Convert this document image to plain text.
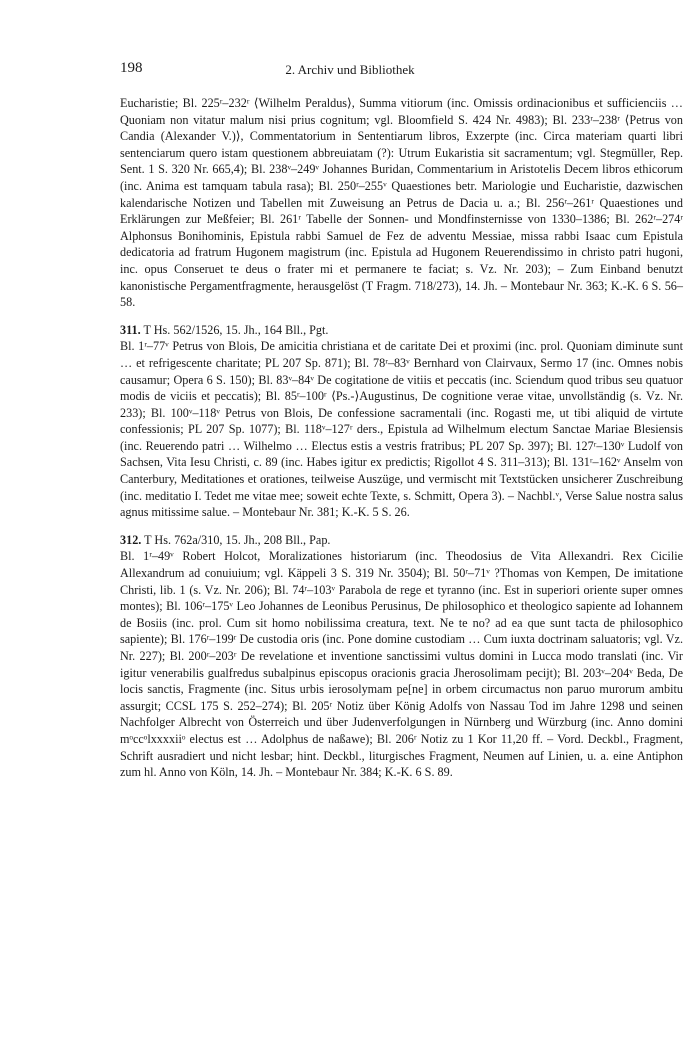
198	2. Archiv und Bibliothek

Eucharistie; Bl. 225ʳ–232ʳ ⟨Wilhelm Peraldus⟩, Summa vitiorum (inc. Omissis ordinacionibus et sufficienciis … Quoniam non vitatur malum nisi prius cognitum; vgl. Bloomfield S. 424 Nr. 4983); Bl. 233ʳ–238ʳ ⟨Petrus von Candia (Alexander V.)⟩, Commentatorium in Sententiarum libros, Exzerpte (inc. Circa materiam quarti libri sentenciarum quero istam questionem abbreuiatam (?): Utrum Eukaristia sit sacramentum; vgl. Stegmüller, Rep. Sent. 1 S. 320 Nr. 665,4); Bl. 238ᵛ–249ᵛ Johannes Buridan, Commentarium in Aristotelis Decem libros ethicorum (inc. Anima est tamquam tabula rasa); Bl. 250ʳ–255ᵛ Quaestiones betr. Mariologie und Eucharistie, dazwischen kalendarische Notizen und Tabellen mit Zuweisung an Petrus de Dacia u. a.; Bl. 256ʳ–261ʳ Quaestiones und Erklärungen zur Meßfeier; Bl. 261ʳ Tabelle der Sonnen- und Mondfinsternisse von 1330–1386; Bl. 262ʳ–274ʳ Alphonsus Bonihominis, Epistula rabbi Samuel de Fez de adventu Messiae, missa rabbi Isaac cum Epistula dedicatoria ad fratrum Hugonem magistrum (inc. Epistula ad Hugonem Reuerendissimo in christo patri hugoni, inc. opus Conseruet te deus o frater mi et permanere te faciat; s. Vz. Nr. 203); – Zum Einband benutzt kanonistische Pergamentfragmente, herausgelöst (T Fragm. 718/273), 14. Jh. – Montebaur Nr. 363; K.-K. 6 S. 56–58.

311. T Hs. 562/1526, 15. Jh., 164 Bll., Pgt.

Bl. 1ʳ–77ᵛ Petrus von Blois, De amicitia christiana et de caritate Dei et proximi (inc. prol. Quoniam diminute sunt … et refrigescente charitate; PL 207 Sp. 871); Bl. 78ʳ–83ᵛ Bernhard von Clairvaux, Sermo 17 (inc. Omnes nobis causamur; Opera 6 S. 150); Bl. 83ᵛ–84ᵛ De cogitatione de vitiis et peccatis (inc. Sciendum quod tribus seu quatuor modis de viciis et peccatis); Bl. 85ʳ–100ʳ ⟨Ps.-⟩Augustinus, De cognitione verae vitae, unvollständig (s. Vz. Nr. 233); Bl. 100ᵛ–118ᵛ Petrus von Blois, De confessione sacramentali (inc. Rogasti me, ut tibi aliquid de virtute confessionis; PL 207 Sp. 1077); Bl. 118ᵛ–127ʳ ders., Epistula ad Wilhelmum electum Sanctae Mariae Blesiensis (inc. Reuerendo patri … Wilhelmo … Electus estis a vestris fratribus; PL 207 Sp. 397); Bl. 127ʳ–130ᵛ Ludolf von Sachsen, Vita Iesu Christi, c. 89 (inc. Habes igitur ex predictis; Rigollot 4 S. 311–313); Bl. 131ʳ–162ᵛ Anselm von Canterbury, Meditationes et orationes, teilweise Auszüge, und vermischt mit Textstücken unsicherer Zuschreibung (inc. meditatio I. Tedet me vitae mee; soweit echte Texte, s. Schmitt, Opera 3). – Nachbl.ᵛ, Verse Salue nostra salus agnus mitissime salue. – Montebaur Nr. 381; K.-K. 5 S. 26.

312. T Hs. 762a/310, 15. Jh., 208 Bll., Pap.

Bl. 1ʳ–49ᵛ Robert Holcot, Moralizationes historiarum (inc. Theodosius de Vita Allexandri. Rex Cicilie Allexandrum ad conuiuium; vgl. Käppeli 3 S. 319 Nr. 3504); Bl. 50ʳ–71ᵛ ?Thomas von Kempen, De imitatione Christi, lib. 1 (s. Vz. Nr. 206); Bl. 74ʳ–103ᵛ Parabola de rege et tyranno (inc. Est in superiori oriente super omnes montes); Bl. 106ʳ–175ᵛ Leo Johannes de Leonibus Perusinus, De philosophico et theologico sapiente ad Iohannem de Bosiis (inc. prol. Cum sit homo nobilissima creatura, text. Ne te no? ad ea que sunt tacta de philosophico sapiente); Bl. 176ʳ–199ʳ De custodia oris (inc. Pone domine custodiam … Cum iuxta doctrinam saluatoris; vgl. Vz. Nr. 227); Bl. 200ʳ–203ʳ De revelatione et inventione sanctissimi vultus domini in Lucca modo translati (inc. Vir igitur venerabilis gualfredus subalpinus episcopus oracionis gracia Jherosolimam pecijt); Bl. 203ᵛ–204ᵛ Beda, De locis sanctis, Fragmente (inc. Situs urbis ierosolymam pe[ne] in orbem circumactus non paruo murorum ambitu assurgit; CCSL 175 S. 252–274); Bl. 205ʳ Notiz über König Adolfs von Nassau Tod im Jahre 1298 und seinen Nachfolger Albrecht von Österreich und über Judenverfolgungen in Nürnberg und Würzburg (inc. Anno domini mᵒccᵒlxxxxiiᵒ electus est … Adolphus de naßawe); Bl. 206ʳ Notiz zu 1 Kor 11,20 ff. – Vord. Deckbl., Fragment, Schrift ausradiert und nicht lesbar; hint. Deckbl., liturgisches Fragment, Neumen auf Linien, u. a. eine Antiphon zum hl. Anno von Köln, 14. Jh. – Montebaur Nr. 384; K.-K. 6 S. 89.
